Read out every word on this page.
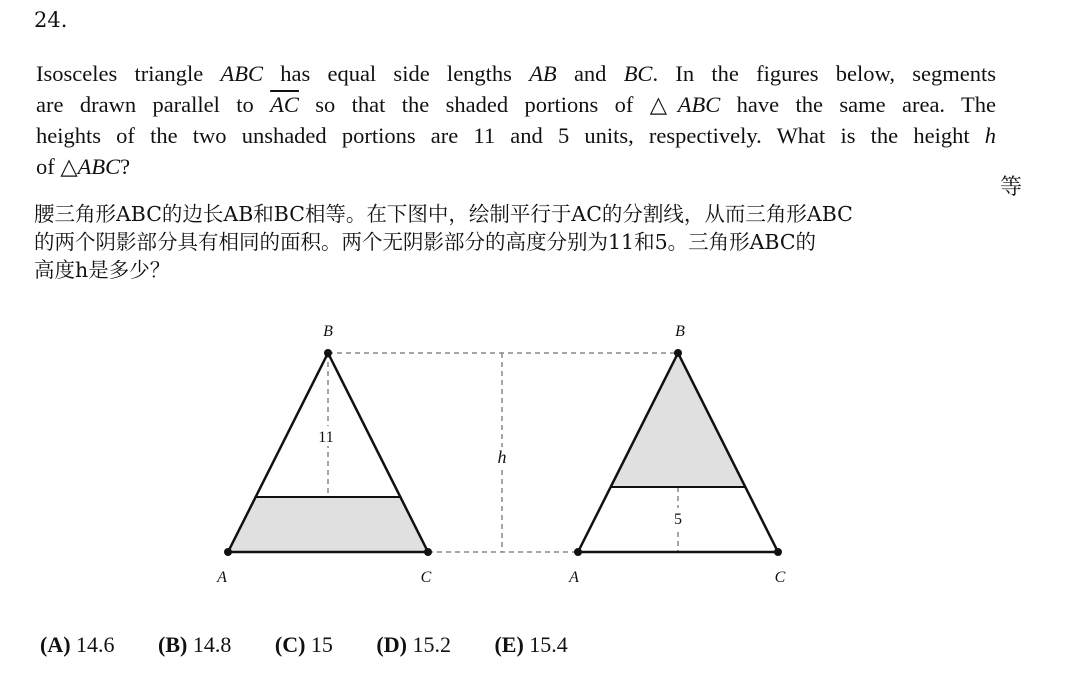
24.
Isosceles triangle ABC has equal side lengths AB and BC. In the figures below, segments
are drawn parallel to $\overline{AC}$ so that the shaded portions of △ABC have the same area. The
heights of the two unshaded portions are 11 and 5 units, respectively. What is the height h
of △ABC?
等
腰三角形ABC的边长AB和BC相等。在下图中，绘制平行于AC的分割线，从而三角形ABC
的两个阴影部分具有相同的面积。两个无阴影部分的高度分别为11和5。三角形ABC的
高度h是多少？
B
A	C
11
h
B
A	C
5
(A) 14.6 (B) 14.8 (C) 15 (D) 15.2 (E) 15.4
